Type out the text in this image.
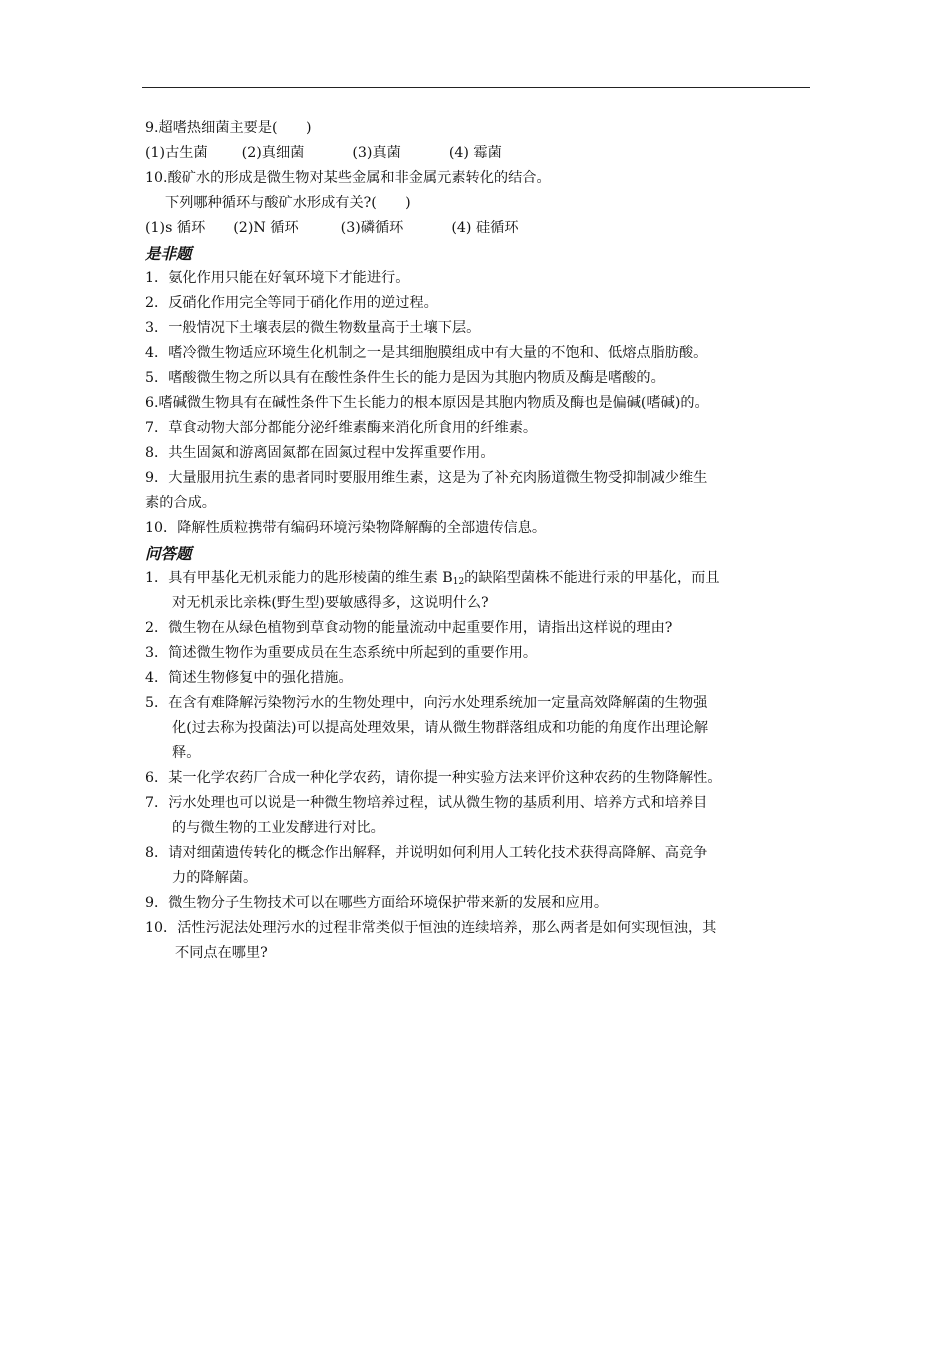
9.超嗜热细菌主要是(　　)
(1)古生菌 (2)真细菌	(3)真菌	(4) 霉菌
10.酸矿水的形成是微生物对某些金属和非金属元素转化的结合。
下列哪种循环与酸矿水形成有关?(　　)
(1)s 循环 (2)N 循环	(3)磷循环	(4) 硅循环
是非题
1．氨化作用只能在好氧环境下才能进行。
2．反硝化作用完全等同于硝化作用的逆过程。
3．一般情况下土壤表层的微生物数量高于土壤下层。
4．嗜冷微生物适应环境生化机制之一是其细胞膜组成中有大量的不饱和、低熔点脂肪酸。
5．嗜酸微生物之所以具有在酸性条件生长的能力是因为其胞内物质及酶是嗜酸的。
6.嗜碱微生物具有在碱性条件下生长能力的根本原因是其胞内物质及酶也是偏碱(嗜碱)的。
7．草食动物大部分都能分泌纤维素酶来消化所食用的纤维素。
8．共生固氮和游离固氮都在固氮过程中发挥重要作用。
9．大量服用抗生素的患者同时要服用维生素，这是为了补充肉肠道微生物受抑制减少维生
素的合成。
10．降解性质粒携带有编码环境污染物降解酶的全部遗传信息。
问答题
1．具有甲基化无机汞能力的匙形棱菌的维生素 $B_{12}$的缺陷型菌株不能进行汞的甲基化，而且
对无机汞比亲株(野生型)要敏感得多，这说明什么?
2．微生物在从绿色植物到草食动物的能量流动中起重要作用，请指出这样说的理由?
3．简述微生物作为重要成员在生态系统中所起到的重要作用。
4．简述生物修复中的强化措施。
5．在含有难降解污染物污水的生物处理中，向污水处理系统加一定量高效降解菌的生物强
化(过去称为投菌法)可以提高处理效果，请从微生物群落组成和功能的角度作出理论解
释。
6．某一化学农药厂合成一种化学农药，请你提一种实验方法来评价这种农药的生物降解性。
7．污水处理也可以说是一种微生物培养过程，试从微生物的基质利用、培养方式和培养目
的与微生物的工业发酵进行对比。
8．请对细菌遗传转化的概念作出解释，并说明如何利用人工转化技术获得高降解、高竞争
力的降解菌。
9．微生物分子生物技术可以在哪些方面给环境保护带来新的发展和应用。
10．活性污泥法处理污水的过程非常类似于恒浊的连续培养，那么两者是如何实现恒浊，其
不同点在哪里?
